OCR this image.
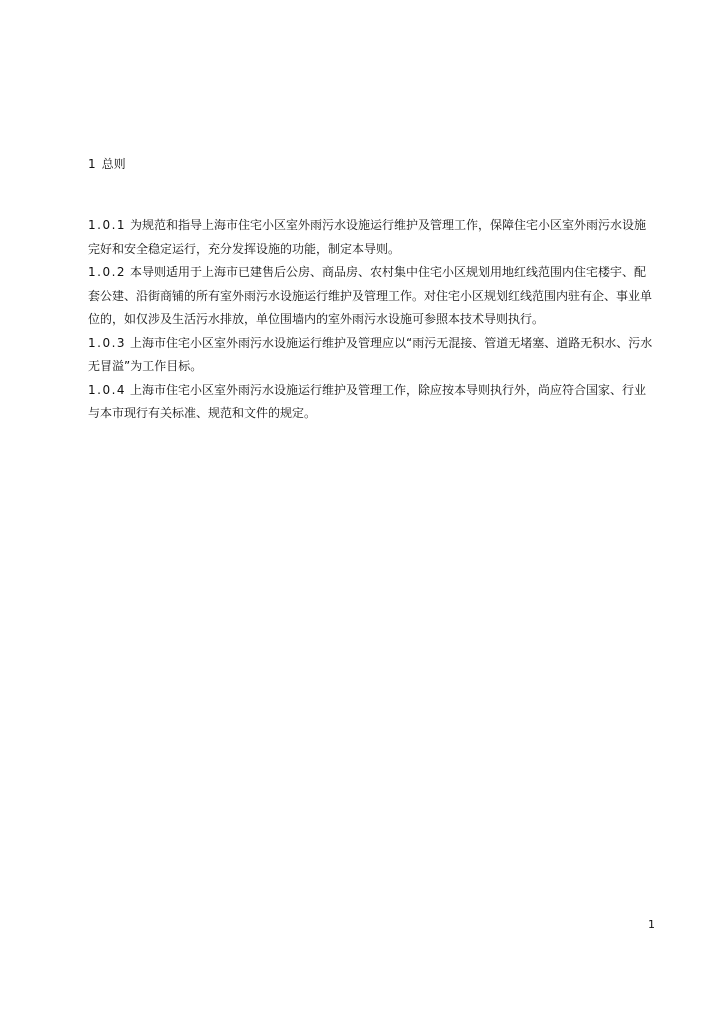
1 总则

1.0.1 为规范和指导上海市住宅小区室外雨污水设施运行维护及管理工作，保障住宅小区室外雨污水设施完好和安全稳定运行，充分发挥设施的功能，制定本导则。

1.0.2 本导则适用于上海市已建售后公房、商品房、农村集中住宅小区规划用地红线范围内住宅楼宇、配套公建、沿街商铺的所有室外雨污水设施运行维护及管理工作。对住宅小区规划红线范围内驻有企、事业单位的，如仅涉及生活污水排放，单位围墙内的室外雨污水设施可参照本技术导则执行。

1.0.3 上海市住宅小区室外雨污水设施运行维护及管理应以“雨污无混接、管道无堵塞、道路无积水、污水无冒溢”为工作目标。

1.0.4 上海市住宅小区室外雨污水设施运行维护及管理工作，除应按本导则执行外，尚应符合国家、行业与本市现行有关标准、规范和文件的规定。

1
